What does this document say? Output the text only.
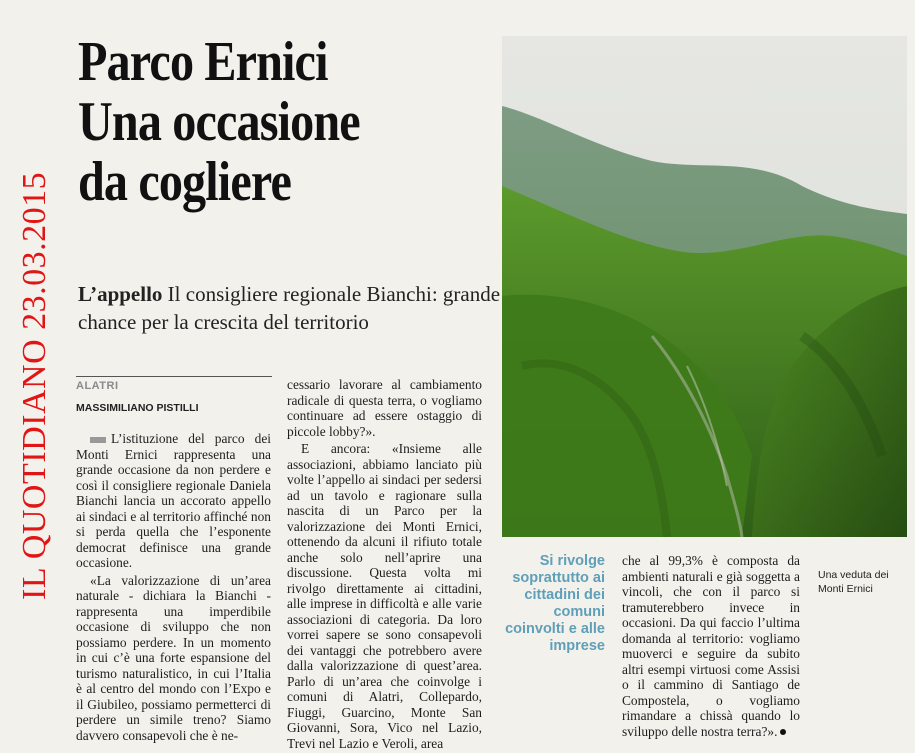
IL QUOTIDIANO 23.03.2015
Parco Ernici
Una occasione
da cogliere
L’appello Il consigliere regionale Bianchi: grande chance per la crescita del territorio
ALATRI
MASSIMILIANO PISTILLI

L’istituzione del parco dei Monti Ernici rappresenta una grande occasione da non perdere e così il consigliere regionale Daniela Bianchi lancia un accorato appello ai sindaci e al territorio affinché non si perda quella che l’esponente democrat definisce una grande occasione.

«La valorizzazione di un’area naturale - dichiara la Bianchi - rappresenta una imperdibile occasione di sviluppo che non possiamo perdere. In un momento in cui c’è una forte espansione del turismo naturalistico, in cui l’Italia è al centro del mondo con l’Expo e il Giubileo, possiamo permetterci di perdere un simile treno? Siamo davvero consapevoli che è ne-

cessario lavorare al cambiamento radicale di questa terra, o vogliamo continuare ad essere ostaggio di piccole lobby?».

E ancora: «Insieme alle associazioni, abbiamo lanciato più volte l’appello ai sindaci per sedersi ad un tavolo e ragionare sulla nascita di un Parco per la valorizzazione dei Monti Ernici, ottenendo da alcuni il rifiuto totale anche solo nell’aprire una discussione. Questa volta mi rivolgo direttamente ai cittadini, alle imprese in difficoltà e alle varie associazioni di categoria. Da loro vorrei sapere se sono consapevoli dei vantaggi che potrebbero avere dalla valorizzazione di quest’area. Parlo di un’area che coinvolge i comuni di Alatri, Collepardo, Fiuggi, Guarcino, Monte San Giovanni, Sora, Vico nel Lazio, Trevi nel Lazio e Veroli, area

Si rivolge soprattutto ai cittadini dei comuni coinvolti e alle imprese

che al 99,3% è composta da ambienti naturali e già soggetta a vincoli, che con il parco si tramuterebbero invece in occasioni. Da qui faccio l’ultima domanda al territorio: vogliamo muoverci e seguire da subito altri esempi virtuosi come Assisi o il cammino di Santiago de Compostela, o vogliamo rimandare a chissà quando lo sviluppo delle nostra terra?».

Una veduta dei Monti Ernici
